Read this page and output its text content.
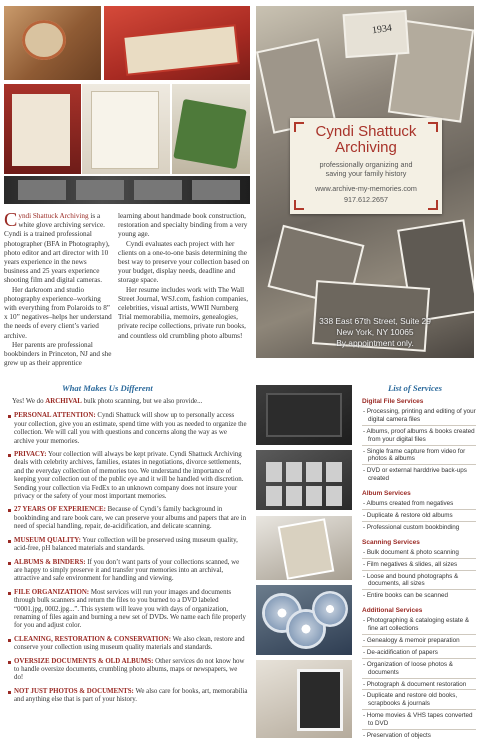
Cyndi Shattuck Archiving is a white glove archiving service. Cyndi is a trained professional photographer (BFA in Photography), photo editor and art director with 10 years experience in the news business and 25 years experience shooting film and digital cameras.

Her darkroom and studio photography experience–working with everything from Polaroids to 8” x 10” negatives–helps her understand the needs of every client’s varied archive.

Her parents are professional bookbinders in Princeton, NJ and she grew up as their apprentice

learning about handmade book construction, restoration and specialty binding from a very young age.

Cyndi evaluates each project with her clients on a one-to-one basis determining the best way to preserve your collection based on your budget, display needs, deadline and storage space.

Her resume includes work with The Wall Street Journal, WSJ.com, fashion companies, celebrities, visual artists, WWII Nurnberg Trial memorabilia, memoirs, genealogies, private recipe collections, private run books, and countless old crumbling photo albums!

1934
Cyndi Shattuck
Archiving
professionally organizing and
saving your family history
www.archive-my-memories.com
917.612.2657
338 East 67th Street, Suite 29
New York, NY 10065
By appointment only.
What Makes Us Different

Yes! We do ARCHIVAL bulk photo scanning, but we also provide...

PERSONAL ATTENTION: Cyndi Shattuck will show up to personally access your collection, give you an estimate, spend time with you as needed to organize the collection. We will call you with questions and concerns along the way as we archive your memories.
PRIVACY: Your collection will always be kept private. Cyndi Shattuck Archiving deals with celebrity archives, families, estates in negotiations, divorce settlements, and the everyday collection of memories too. We understand the importance of keeping your collection out of the public eye and it will be handled with discretion. Sending your collection via FedEx to an unknown company does not insure your privacy or the safety of your most important memories.
27 YEARS OF EXPERIENCE: Because of Cyndi’s family background in bookbinding and rare book care, we can preserve your albums and papers that are in need of special handling, repair, de-acidification, and delicate scanning.
MUSEUM QUALITY: Your collection will be preserved using museum quality, acid-free, pH balanced materials and standards.
ALBUMS & BINDERS: If you don’t want parts of your collections scanned, we are happy to simply preserve it and transfer your memories into an archival, attractive and safe environment for handling and viewing.
FILE ORGANIZATION: Most services will run your images and documents through bulk scanners and return the files to you burned to a DVD labeled “0001.jpg, 0002.jpg...”. This system will leave you with days of organization, renaming of files again and burning a new set of DVDs. We name each file properly for you and adjust color.
CLEANING, RESTORATION & CONSERVATION: We also clean, restore and conserve your collection using museum quality materials and standards.
OVERSIZE DOCUMENTS & OLD ALBUMS: Other services do not know how to handle oversize documents, crumbling photo albums, maps or newspapers, we do!
NOT JUST PHOTOS & DOCUMENTS: We also care for books, art, memorabilia and anything else that is part of your history.
List of Services
Digital File Services
- Processing, printing and editing of your digital camera files
- Albums, proof albums & books created from your digital files
- Single frame capture from video for photos & albums
- DVD or external harddrive back-ups created
Album Services
- Albums created from negatives
- Duplicate & restore old albums
- Professional custom bookbinding
Scanning Services
- Bulk document & photo scanning
- Film negatives & slides, all sizes
- Loose and bound photographs & documents, all sizes
- Entire books can be scanned
Additional Services
- Photographing & cataloging estate & fine art collections
- Genealogy & memoir preparation
- De-acidification of papers
- Organization of loose photos & documents
- Photograph & document restoration
- Duplicate and restore old books, scrapbooks & journals
- Home movies & VHS tapes converted to DVD
- Preservation of objects
